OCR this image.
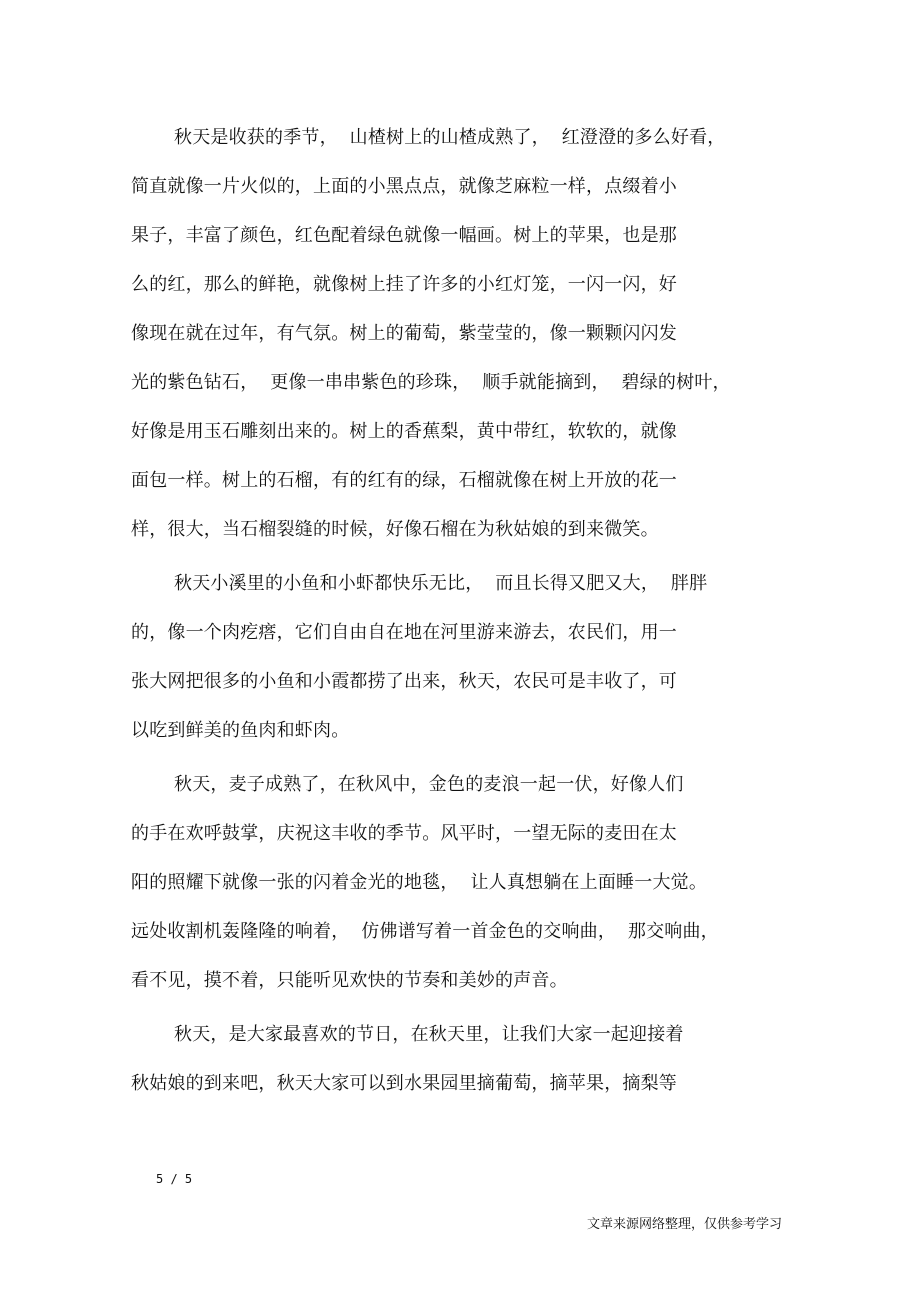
秋天是收获的季节，  山楂树上的山楂成熟了，  红澄澄的多么好看，
简直就像一片火似的，上面的小黑点点，就像芝麻粒一样，点缀着小
果子，丰富了颜色，红色配着绿色就像一幅画。树上的苹果，也是那
么的红，那么的鲜艳，就像树上挂了许多的小红灯笼，一闪一闪，好
像现在就在过年，有气氛。树上的葡萄，紫莹莹的，像一颗颗闪闪发
光的紫色钻石，  更像一串串紫色的珍珠，  顺手就能摘到，  碧绿的树叶，
好像是用玉石雕刻出来的。树上的香蕉梨，黄中带红，软软的，就像
面包一样。树上的石榴，有的红有的绿，石榴就像在树上开放的花一
样，很大，当石榴裂缝的时候，好像石榴在为秋姑娘的到来微笑。
秋天小溪里的小鱼和小虾都快乐无比，  而且长得又肥又大，  胖胖
的，像一个肉疙瘩，它们自由自在地在河里游来游去，农民们，用一
张大网把很多的小鱼和小霞都捞了出来，秋天，农民可是丰收了，可
以吃到鲜美的鱼肉和虾肉。
秋天，麦子成熟了，在秋风中，金色的麦浪一起一伏，好像人们
的手在欢呼鼓掌，庆祝这丰收的季节。风平时，一望无际的麦田在太
阳的照耀下就像一张的闪着金光的地毯，  让人真想躺在上面睡一大觉。
远处收割机轰隆隆的响着，  仿佛谱写着一首金色的交响曲，  那交响曲，
看不见，摸不着，只能听见欢快的节奏和美妙的声音。
秋天，是大家最喜欢的节日，在秋天里，让我们大家一起迎接着
秋姑娘的到来吧，秋天大家可以到水果园里摘葡萄，摘苹果，摘梨等
5 / 5
文章来源网络整理，仅供参考学习
